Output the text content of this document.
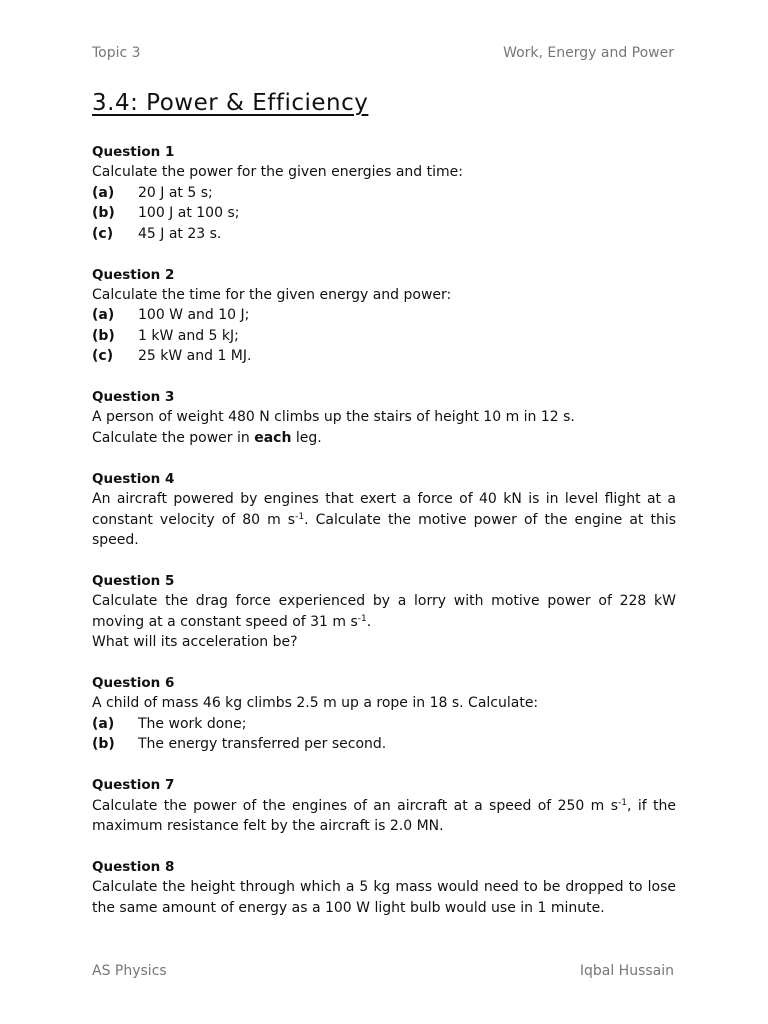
Topic 3	Work, Energy and Power
3.4: Power & Efficiency
Question 1
Calculate the power for the given energies and time:
(a)	20 J at 5 s;
(b)	100 J at 100 s;
(c)	45 J at 23 s.
Question 2
Calculate the time for the given energy and power:
(a)	100 W and 10 J;
(b)	1 kW and 5 kJ;
(c)	25 kW and 1 MJ.
Question 3
A person of weight 480 N climbs up the stairs of height 10 m in 12 s.
Calculate the power in each leg.
Question 4
An aircraft powered by engines that exert a force of 40 kN is in level flight at a constant velocity of 80 m $s^{-1}$. Calculate the motive power of the engine at this speed.
Question 5
Calculate the drag force experienced by a lorry with motive power of 228 kW moving at a constant speed of 31 m $s^{-1}$.
What will its acceleration be?
Question 6
A child of mass 46 kg climbs 2.5 m up a rope in 18 s. Calculate:
(a)	The work done;
(b)	The energy transferred per second.
Question 7
Calculate the power of the engines of an aircraft at a speed of 250 m $s^{-1}$, if the maximum resistance felt by the aircraft is 2.0 MN.
Question 8
Calculate the height through which a 5 kg mass would need to be dropped to lose the same amount of energy as a 100 W light bulb would use in 1 minute.
AS Physics	Iqbal Hussain
